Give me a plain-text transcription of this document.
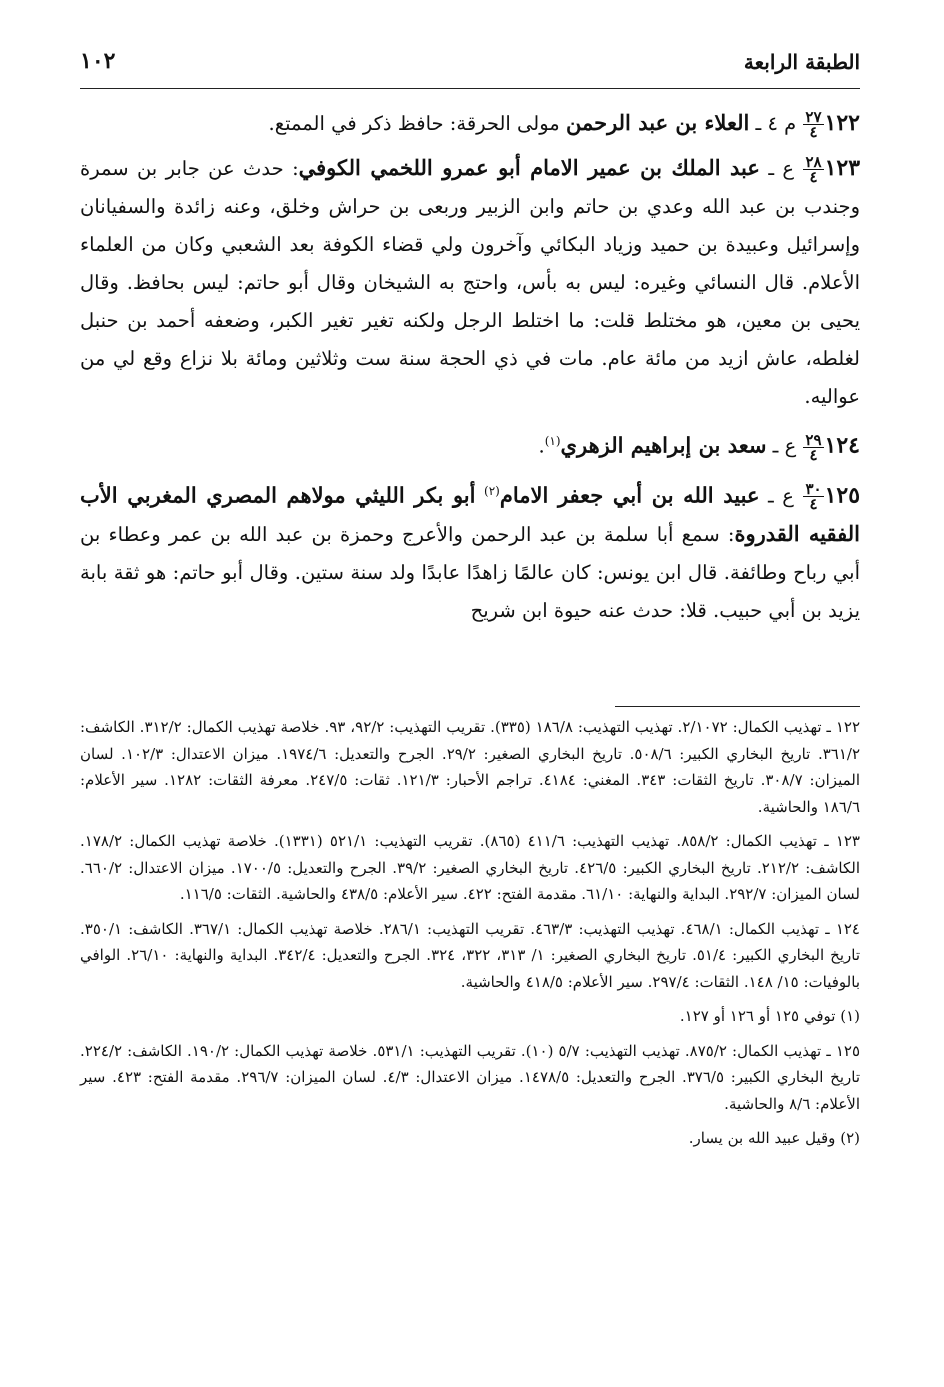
الطبقة الرابعة
١٠٢

١٢٢
$\frac{٢٧}{٤}$
م ٤ ـ العلاء بن عبد الرحمن مولى الحرقة: حافظ ذكر في الممتع.

١٢٣
$\frac{٢٨}{٤}$
ع ـ عبد الملك بن عمير الامام أبو عمرو اللخمي الكوفي: حدث عن جابر بن سمرة وجندب بن عبد الله وعدي بن حاتم وابن الزبير وربعى بن حراش وخلق، وعنه زائدة والسفيانان وإسرائيل وعبيدة بن حميد وزياد البكائي وآخرون ولي قضاء الكوفة بعد الشعبي وكان من العلماء الأعلام. قال النسائي وغيره: ليس به بأس، واحتج به الشيخان وقال أبو حاتم: ليس بحافظ. وقال يحيى بن معين، هو مختلط قلت: ما اختلط الرجل ولكنه تغير تغير الكبر، وضعفه أحمد بن حنبل لغلطه، عاش ازيد من مائة عام. مات في ذي الحجة سنة ست وثلاثين ومائة بلا نزاع وقع لي من عواليه.

١٢٤
$\frac{٢٩}{٤}$
ع ـ سعد بن إبراهيم الزهري$^{(١)}$.

١٢٥
$\frac{٣٠}{٤}$
ع ـ عبيد الله بن أبي جعفر الامام$^{(٢)}$ أبو بكر الليثي مولاهم المصري المغربي الأب الفقيه القدروة: سمع أبا سلمة بن عبد الرحمن والأعرج وحمزة بن عبد الله بن عمر وعطاء بن أبي رباح وطائفة. قال ابن يونس: كان عالمًا زاهدًا عابدًا ولد سنة ستين. وقال أبو حاتم: هو ثقة بابة يزيد بن أبي حبيب. قلا: حدث عنه حيوة ابن شريح

١٢٢ ـ تهذيب الكمال: ٢/١٠٧٢. تهذيب التهذيب: ١٨٦/٨ (٣٣٥). تقريب التهذيب: ٩٢/٢، ٩٣. خلاصة تهذيب الكمال: ٣١٢/٢. الكاشف: ٣٦١/٢. تاريخ البخاري الكبير: ٥٠٨/٦. تاريخ البخاري الصغير: ٢٩/٢. الجرح والتعديل: ١٩٧٤/٦. ميزان الاعتدال: ١٠٢/٣. لسان الميزان: ٣٠٨/٧. تاريخ الثقات: ٣٤٣. المغني: ٤١٨٤. تراجم الأحبار: ١٢١/٣. ثقات: ٢٤٧/٥. معرفة الثقات: ١٢٨٢. سير الأعلام: ١٨٦/٦ والحاشية.

١٢٣ ـ تهذيب الكمال: ٨٥٨/٢. تهذيب التهذيب: ٤١١/٦ (٨٦٥). تقريب التهذيب: ٥٢١/١ (١٣٣١). خلاصة تهذيب الكمال: ١٧٨/٢. الكاشف: ٢١٢/٢. تاريخ البخاري الكبير: ٤٢٦/٥. تاريخ البخاري الصغير: ٣٩/٢. الجرح والتعديل: ١٧٠٠/٥. ميزان الاعتدال: ٦٦٠/٢. لسان الميزان: ٢٩٢/٧. البداية والنهاية: ٦١/١٠. مقدمة الفتح: ٤٢٢. سير الأعلام: ٤٣٨/٥ والحاشية. الثقات: ١١٦/٥.

١٢٤ ـ تهذيب الكمال: ٤٦٨/١. تهذيب التهذيب: ٤٦٣/٣. تقريب التهذيب: ٢٨٦/١. خلاصة تهذيب الكمال: ٣٦٧/١. الكاشف: ٣٥٠/١. تاريخ البخاري الكبير: ٥١/٤. تاريخ البخاري الصغير: ١/ ٣١٣، ٣٢٢، ٣٢٤. الجرح والتعديل: ٣٤٢/٤. البداية والنهاية: ٢٦/١٠. الوافي بالوفيات: ١٥/ ١٤٨. الثقات: ٢٩٧/٤. سير الأعلام: ٤١٨/٥ والحاشية.

(١) توفي ١٢٥ أو ١٢٦ أو ١٢٧.

١٢٥ ـ تهذيب الكمال: ٨٧٥/٢. تهذيب التهذيب: ٥/٧ (١٠). تقريب التهذيب: ٥٣١/١. خلاصة تهذيب الكمال: ١٩٠/٢. الكاشف: ٢٢٤/٢. تاريخ البخاري الكبير: ٣٧٦/٥. الجرح والتعديل: ١٤٧٨/٥. ميزان الاعتدال: ٤/٣. لسان الميزان: ٢٩٦/٧. مقدمة الفتح: ٤٢٣. سير الأعلام: ٨/٦ والحاشية.

(٢) وقيل عبيد الله بن يسار.
